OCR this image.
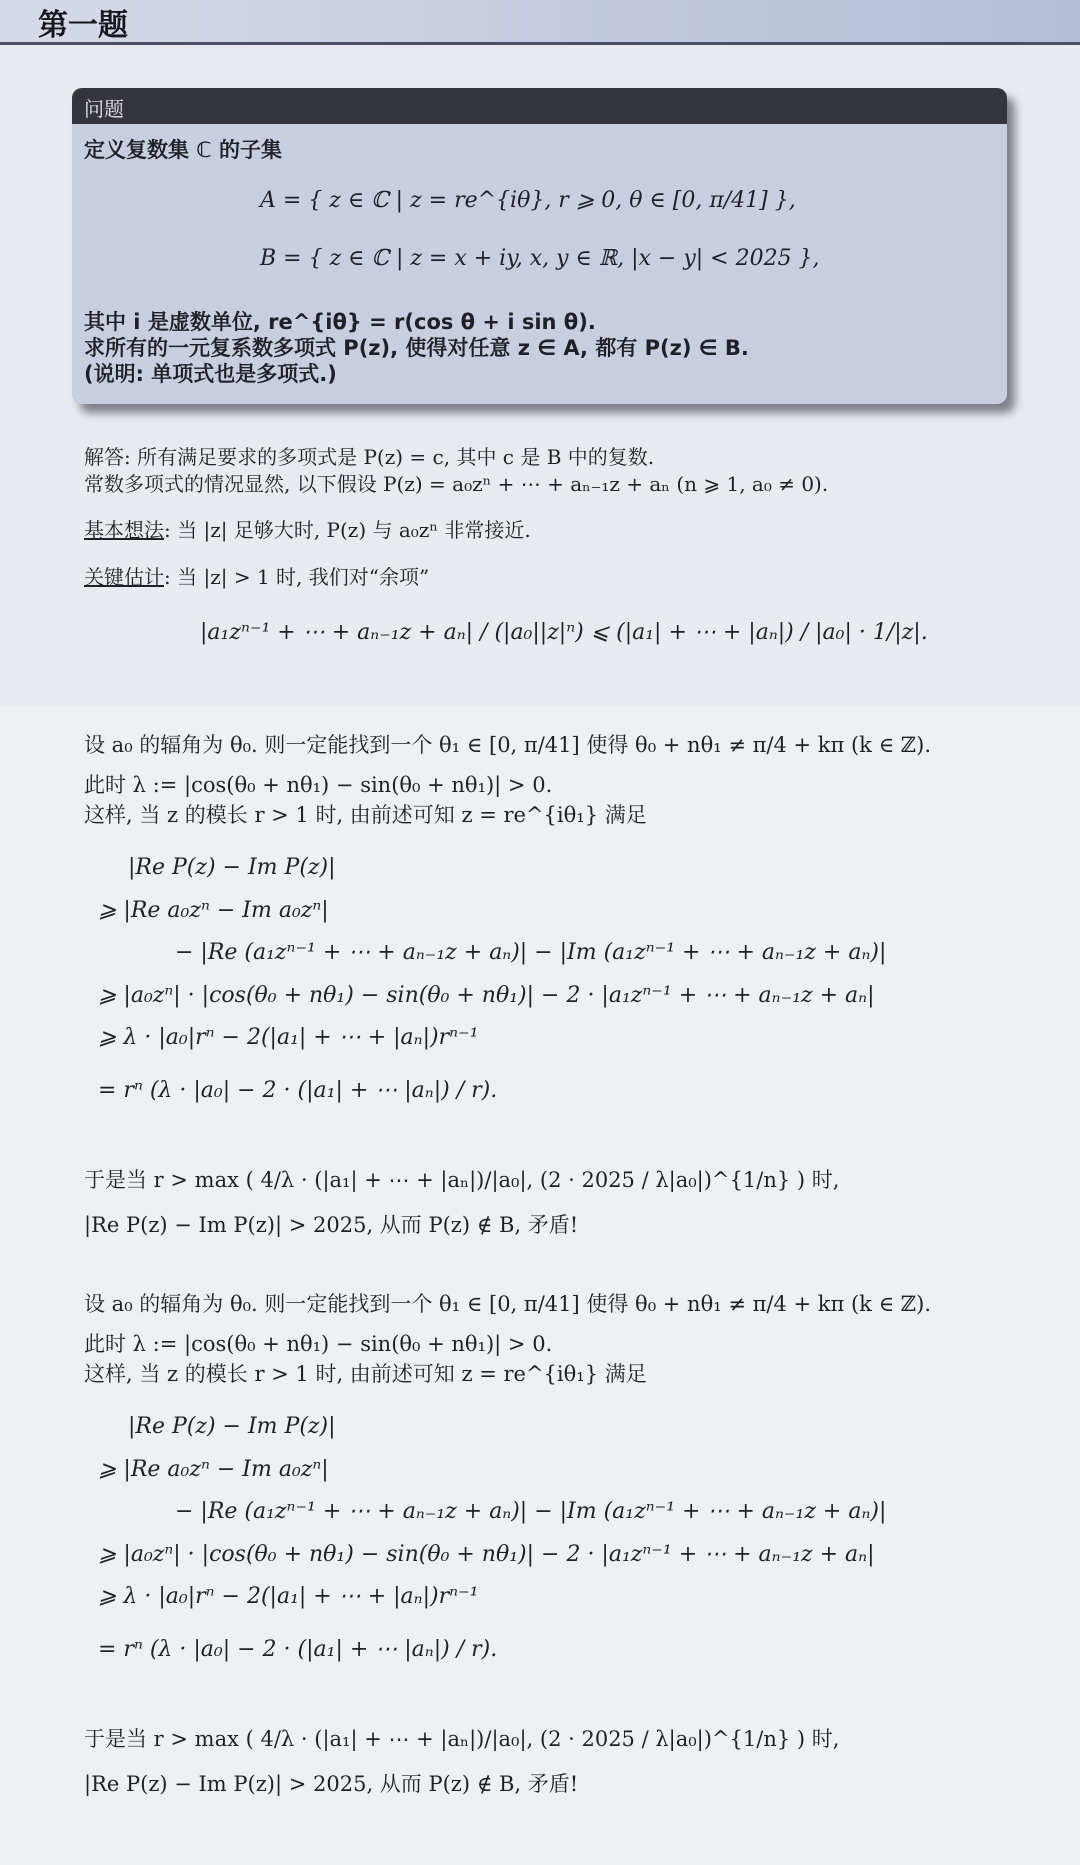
第一题
问题
定义复数集 ℂ 的子集
A = { z ∈ ℂ | z = re^{iθ}, r ⩾ 0, θ ∈ [0, π/41] },
B = { z ∈ ℂ | z = x + iy, x, y ∈ ℝ, |x − y| < 2025 },
其中 i 是虚数单位, re^{iθ} = r(cos θ + i sin θ).
求所有的一元复系数多项式 P(z), 使得对任意 z ∈ A, 都有 P(z) ∈ B.
(说明: 单项式也是多项式.)
解答: 所有满足要求的多项式是 P(z) = c, 其中 c 是 B 中的复数.
常数多项式的情况显然, 以下假设 P(z) = a₀zⁿ + ⋯ + aₙ₋₁z + aₙ (n ⩾ 1, a₀ ≠ 0).
基本想法: 当 |z| 足够大时, P(z) 与 a₀zⁿ 非常接近.
关键估计: 当 |z| > 1 时, 我们对“余项”
|a₁zⁿ⁻¹ + ⋯ + aₙ₋₁z + aₙ| / (|a₀||z|ⁿ) ⩽ (|a₁| + ⋯ + |aₙ|) / |a₀| · 1/|z|.
设 a₀ 的辐角为 θ₀. 则一定能找到一个 θ₁ ∈ [0, π/41] 使得 θ₀ + nθ₁ ≠ π/4 + kπ (k ∈ ℤ).
此时 λ := |cos(θ₀ + nθ₁) − sin(θ₀ + nθ₁)| > 0.
这样, 当 z 的模长 r > 1 时, 由前述可知 z = re^{iθ₁} 满足
|Re P(z) − Im P(z)|
⩾ |Re a₀zⁿ − Im a₀zⁿ|
− |Re (a₁zⁿ⁻¹ + ⋯ + aₙ₋₁z + aₙ)| − |Im (a₁zⁿ⁻¹ + ⋯ + aₙ₋₁z + aₙ)|
⩾ |a₀zⁿ| · |cos(θ₀ + nθ₁) − sin(θ₀ + nθ₁)| − 2 · |a₁zⁿ⁻¹ + ⋯ + aₙ₋₁z + aₙ|
⩾ λ · |a₀|rⁿ − 2(|a₁| + ⋯ + |aₙ|)rⁿ⁻¹
= rⁿ (λ · |a₀| − 2 · (|a₁| + ⋯ |aₙ|) / r).
于是当 r > max ( 4/λ · (|a₁| + ⋯ + |aₙ|)/|a₀|, (2 · 2025 / λ|a₀|)^{1/n} ) 时,
|Re P(z) − Im P(z)| > 2025, 从而 P(z) ∉ B, 矛盾!
设 a₀ 的辐角为 θ₀. 则一定能找到一个 θ₁ ∈ [0, π/41] 使得 θ₀ + nθ₁ ≠ π/4 + kπ (k ∈ ℤ).
此时 λ := |cos(θ₀ + nθ₁) − sin(θ₀ + nθ₁)| > 0.
这样, 当 z 的模长 r > 1 时, 由前述可知 z = re^{iθ₁} 满足
|Re P(z) − Im P(z)|
⩾ |Re a₀zⁿ − Im a₀zⁿ|
− |Re (a₁zⁿ⁻¹ + ⋯ + aₙ₋₁z + aₙ)| − |Im (a₁zⁿ⁻¹ + ⋯ + aₙ₋₁z + aₙ)|
⩾ |a₀zⁿ| · |cos(θ₀ + nθ₁) − sin(θ₀ + nθ₁)| − 2 · |a₁zⁿ⁻¹ + ⋯ + aₙ₋₁z + aₙ|
⩾ λ · |a₀|rⁿ − 2(|a₁| + ⋯ + |aₙ|)rⁿ⁻¹
= rⁿ (λ · |a₀| − 2 · (|a₁| + ⋯ |aₙ|) / r).
于是当 r > max ( 4/λ · (|a₁| + ⋯ + |aₙ|)/|a₀|, (2 · 2025 / λ|a₀|)^{1/n} ) 时,
|Re P(z) − Im P(z)| > 2025, 从而 P(z) ∉ B, 矛盾!
